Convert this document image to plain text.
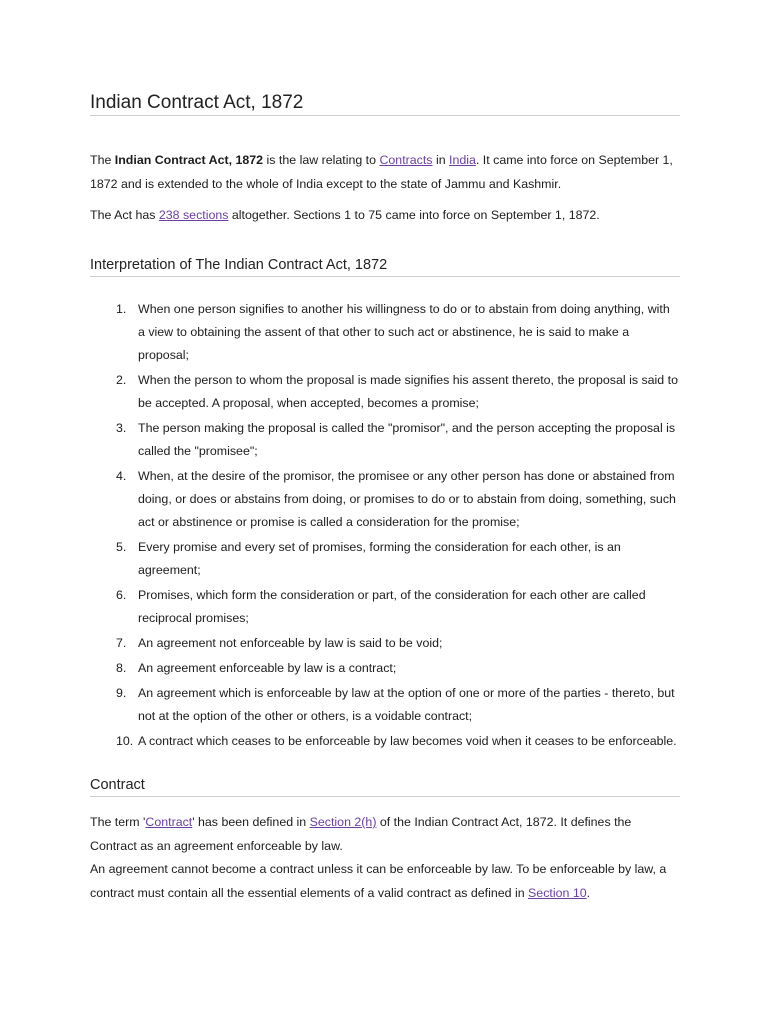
Indian Contract Act, 1872

The Indian Contract Act, 1872 is the law relating to Contracts in India. It came into force on September 1, 1872 and is extended to the whole of India except to the state of Jammu and Kashmir.

The Act has 238 sections altogether. Sections 1 to 75 came into force on September 1, 1872.

Interpretation of The Indian Contract Act, 1872
1. When one person signifies to another his willingness to do or to abstain from doing anything, with a view to obtaining the assent of that other to such act or abstinence, he is said to make a proposal;
2. When the person to whom the proposal is made signifies his assent thereto, the proposal is said to be accepted. A proposal, when accepted, becomes a promise;
3. The person making the proposal is called the "promisor", and the person accepting the proposal is called the "promisee";
4. When, at the desire of the promisor, the promisee or any other person has done or abstained from doing, or does or abstains from doing, or promises to do or to abstain from doing, something, such act or abstinence or promise is called a consideration for the promise;
5. Every promise and every set of promises, forming the consideration for each other, is an agreement;
6. Promises, which form the consideration or part, of the consideration for each other are called reciprocal promises;
7. An agreement not enforceable by law is said to be void;
8. An agreement enforceable by law is a contract;
9. An agreement which is enforceable by law at the option of one or more of the parties - thereto, but not at the option of the other or others, is a voidable contract;
10. A contract which ceases to be enforceable by law becomes void when it ceases to be enforceable.
Contract

The term 'Contract' has been defined in Section 2(h) of the Indian Contract Act, 1872. It defines the Contract as an agreement enforceable by law.

An agreement cannot become a contract unless it can be enforceable by law. To be enforceable by law, a contract must contain all the essential elements of a valid contract as defined in Section 10.
